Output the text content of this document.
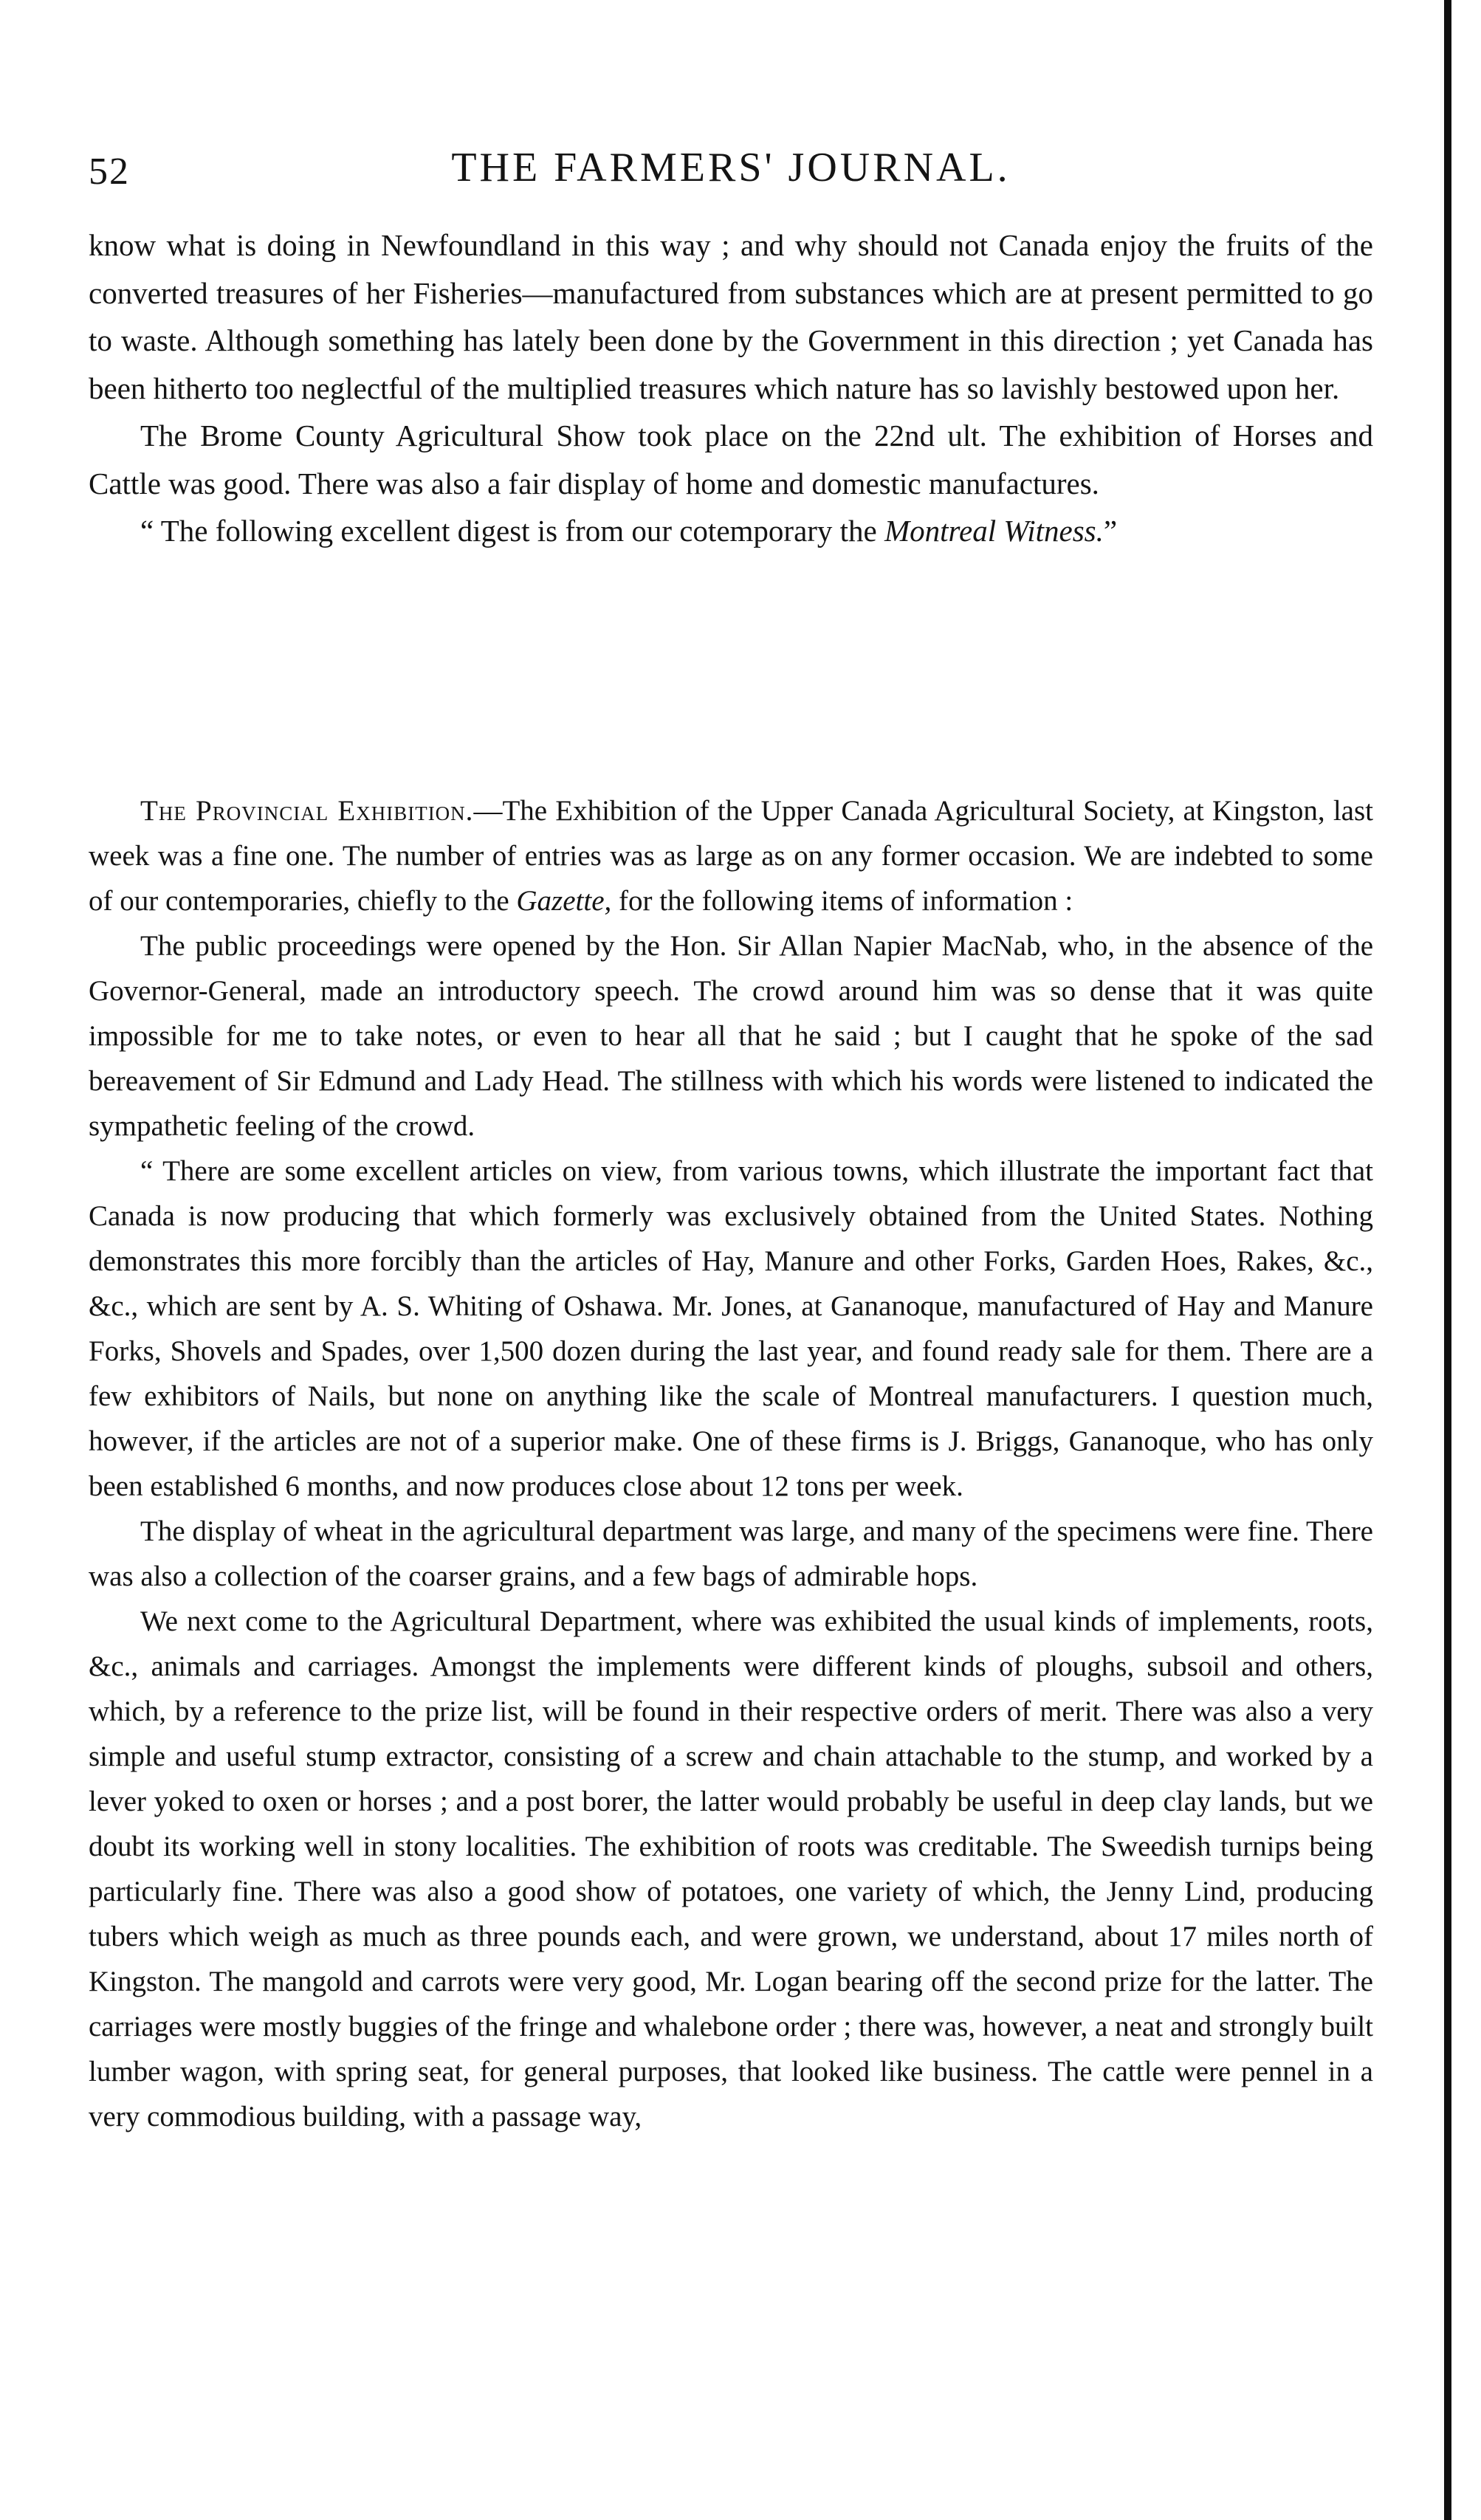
52	THE FARMERS' JOURNAL.

know what is doing in Newfoundland in this way ; and why should not Canada enjoy the fruits of the converted treasures of her Fisheries—manufactured from substances which are at present permitted to go to waste. Although something has lately been done by the Government in this direction ; yet Canada has been hitherto too neglectful of the multiplied treasures which nature has so lavishly bestowed upon her.

The Brome County Agricultural Show took place on the 22nd ult. The exhibition of Horses and Cattle was good. There was also a fair display of home and domestic manufactures.

“ The following excellent digest is from our cotemporary the Montreal Witness.”

The Provincial Exhibition.—The Exhibition of the Upper Canada Agricultural Society, at Kingston, last week was a fine one. The number of entries was as large as on any former occasion. We are indebted to some of our contemporaries, chiefly to the Gazette, for the following items of information :

The public proceedings were opened by the Hon. Sir Allan Napier MacNab, who, in the absence of the Governor-General, made an introductory speech. The crowd around him was so dense that it was quite impossible for me to take notes, or even to hear all that he said ; but I caught that he spoke of the sad bereavement of Sir Edmund and Lady Head. The stillness with which his words were listened to indicated the sympathetic feeling of the crowd.

“ There are some excellent articles on view, from various towns, which illustrate the important fact that Canada is now producing that which formerly was exclusively obtained from the United States. Nothing demonstrates this more forcibly than the articles of Hay, Manure and other Forks, Garden Hoes, Rakes, &c., &c., which are sent by A. S. Whiting of Oshawa. Mr. Jones, at Gananoque, manufactured of Hay and Manure Forks, Shovels and Spades, over 1,500 dozen during the last year, and found ready sale for them. There are a few exhibitors of Nails, but none on anything like the scale of Montreal manufacturers. I question much, however, if the articles are not of a superior make. One of these firms is J. Briggs, Gananoque, who has only been established 6 months, and now produces close about 12 tons per week.

The display of wheat in the agricultural department was large, and many of the specimens were fine. There was also a collection of the coarser grains, and a few bags of admirable hops.

We next come to the Agricultural Department, where was exhibited the usual kinds of implements, roots, &c., animals and carriages. Amongst the implements were different kinds of ploughs, subsoil and others, which, by a reference to the prize list, will be found in their respective orders of merit. There was also a very simple and useful stump extractor, consisting of a screw and chain attachable to the stump, and worked by a lever yoked to oxen or horses ; and a post borer, the latter would probably be useful in deep clay lands, but we doubt its working well in stony localities. The exhibition of roots was creditable. The Sweedish turnips being particularly fine. There was also a good show of potatoes, one variety of which, the Jenny Lind, producing tubers which weigh as much as three pounds each, and were grown, we understand, about 17 miles north of Kingston. The mangold and carrots were very good, Mr. Logan bearing off the second prize for the latter. The carriages were mostly buggies of the fringe and whalebone order ; there was, however, a neat and strongly built lumber wagon, with spring seat, for general purposes, that looked like business. The cattle were pennel in a very commodious building, with a passage way,
